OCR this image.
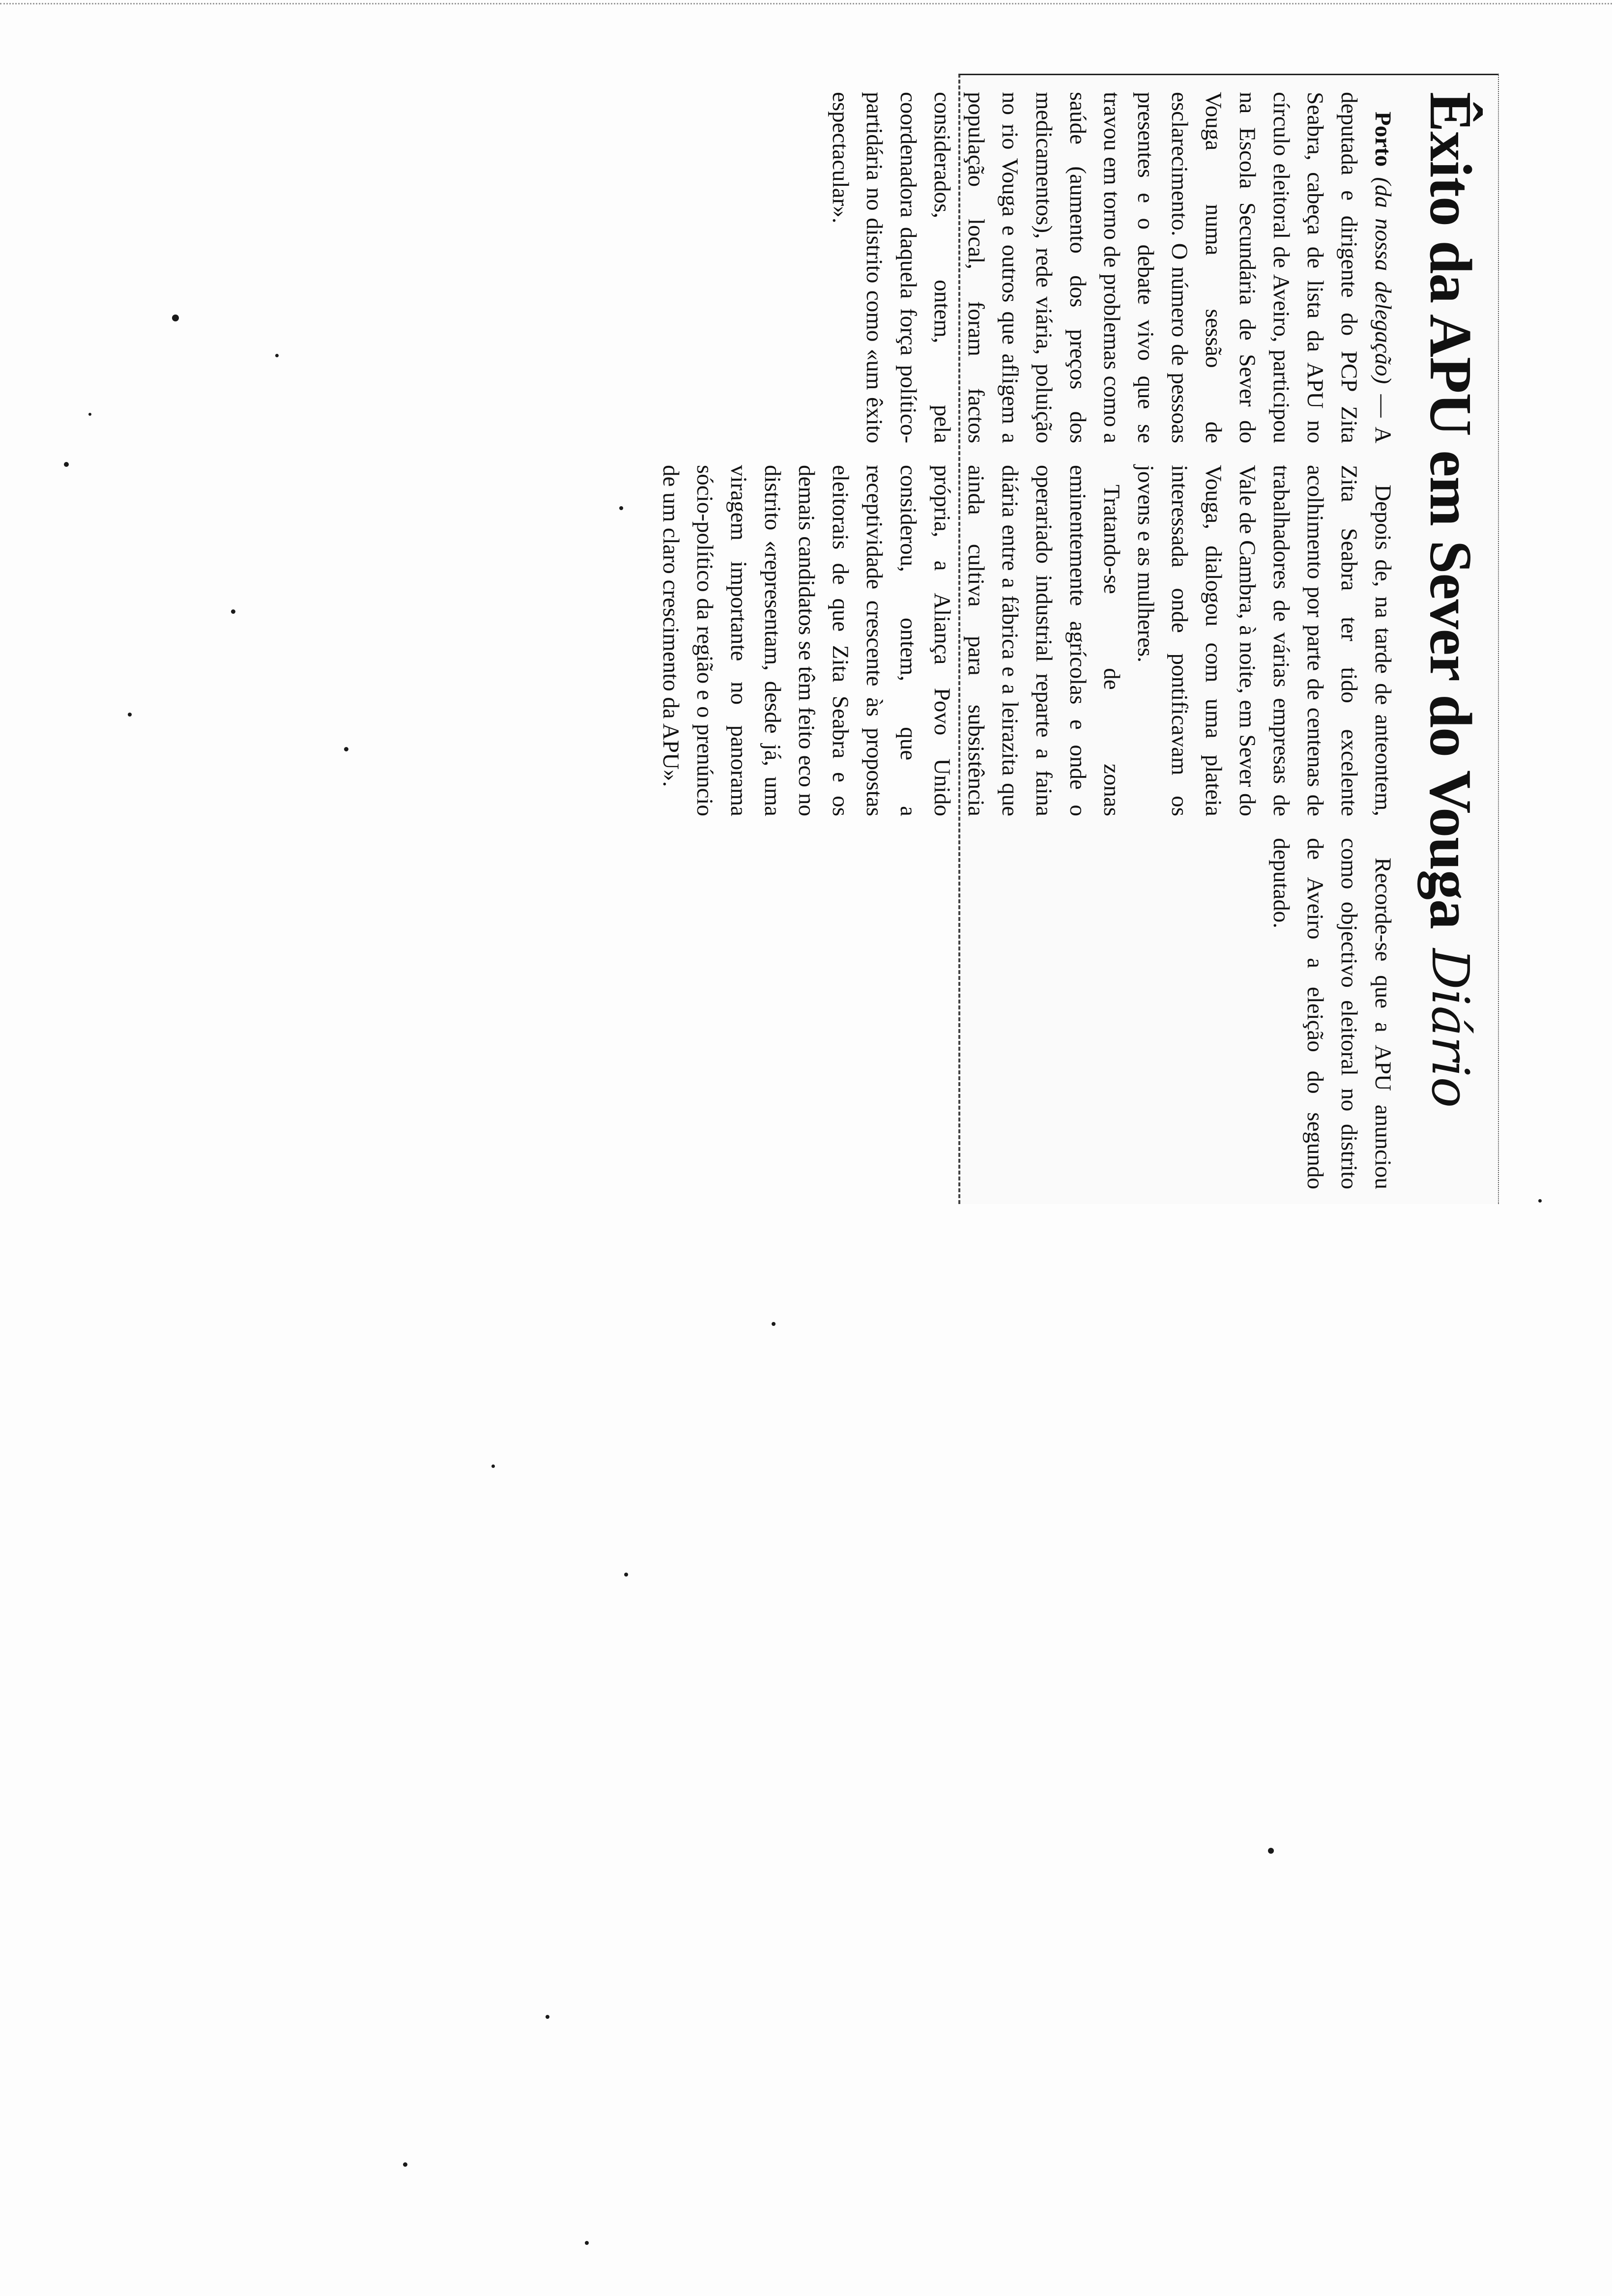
Êxito da APU em Sever do Vouga
Diário

Porto (da nossa delegação) — A deputada e dirigente do PCP Zita Seabra, cabeça de lista da APU no círculo eleitoral de Aveiro, participou na Escola Secundária de Sever do Vouga numa sessão de esclarecimento. O número de pessoas presentes e o debate vivo que se travou em torno de problemas como a saúde (aumento dos preços dos medicamentos), rede viária, poluição no rio Vouga e outros que afligem a população local, foram factos considerados, ontem, pela coordenadora daquela força político-partidária no distrito como «um êxito espectacular».

Depois de, na tarde de anteontem, Zita Seabra ter tido excelente acolhimento por parte de centenas de trabalhadores de várias empresas de Vale de Cambra, à noite, em Sever do Vouga, dialogou com uma plateia interessada onde pontificavam os jovens e as mulheres.

Tratando-se de zonas eminentemente agrícolas e onde o operariado industrial reparte a faina diária entre a fábrica e a leirazita que ainda cultiva para subsistência própria, a Aliança Povo Unido considerou, ontem, que a receptividade crescente às propostas eleitorais de que Zita Seabra e os demais candidatos se têm feito eco no distrito «representam, desde já, uma viragem importante no panorama sócio-político da região e o prenúncio de um claro crescimento da APU».

Recorde-se que a APU anunciou como objectivo eleitoral no distrito de Aveiro a eleição do segundo deputado.
